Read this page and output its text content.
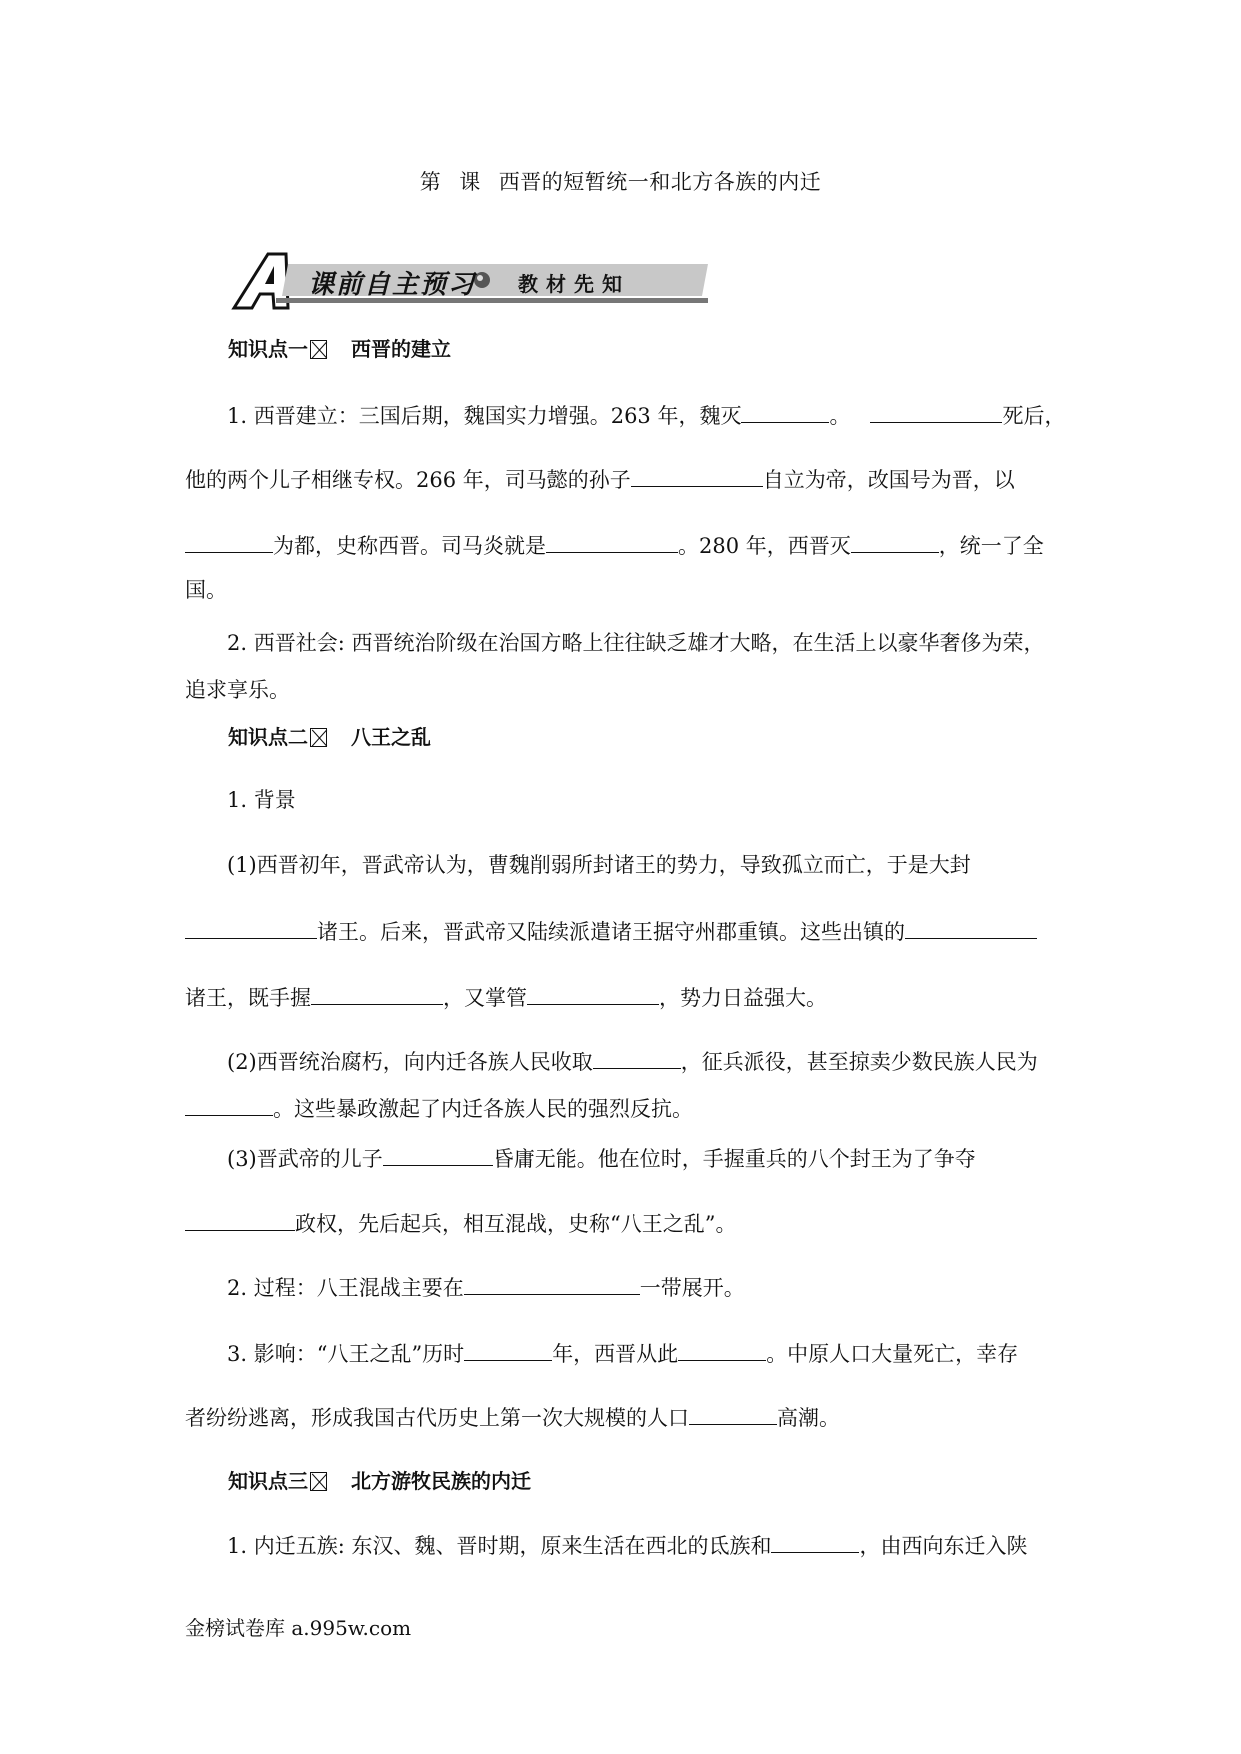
第 课 西晋的短暂统一和北方各族的内迁
课前自主预习 教材先知
知识点一 西晋的建立
1. 西晋建立：三国后期，魏国实力增强。263 年，魏灭	。	死后，
他的两个儿子相继专权。266 年，司马懿的孙子	自立为帝，改国号为晋，以
为都，史称西晋。司马炎就是	。280 年，西晋灭	，统一了全
国。
2. 西晋社会: 西晋统治阶级在治国方略上往往缺乏雄才大略，在生活上以豪华奢侈为荣，
追求享乐。
知识点二 八王之乱
1. 背景
(1)西晋初年，晋武帝认为，曹魏削弱所封诸王的势力，导致孤立而亡，于是大封
诸王。后来，晋武帝又陆续派遣诸王据守州郡重镇。这些出镇的
诸王，既手握	，又掌管	，势力日益强大。
(2)西晋统治腐朽，向内迁各族人民收取	，征兵派役，甚至掠卖少数民族人民为
。这些暴政激起了内迁各族人民的强烈反抗。
(3)晋武帝的儿子	昏庸无能。他在位时，手握重兵的八个封王为了争夺
政权，先后起兵，相互混战，史称“八王之乱”。
2. 过程：八王混战主要在	一带展开。
3. 影响：“八王之乱”历时	年，西晋从此	。中原人口大量死亡，幸存
者纷纷逃离，形成我国古代历史上第一次大规模的人口	高潮。
知识点三 北方游牧民族的内迁
1. 内迁五族: 东汉、魏、晋时期，原来生活在西北的氐族和	，由西向东迁入陕
金榜试卷库 a.995w.com
